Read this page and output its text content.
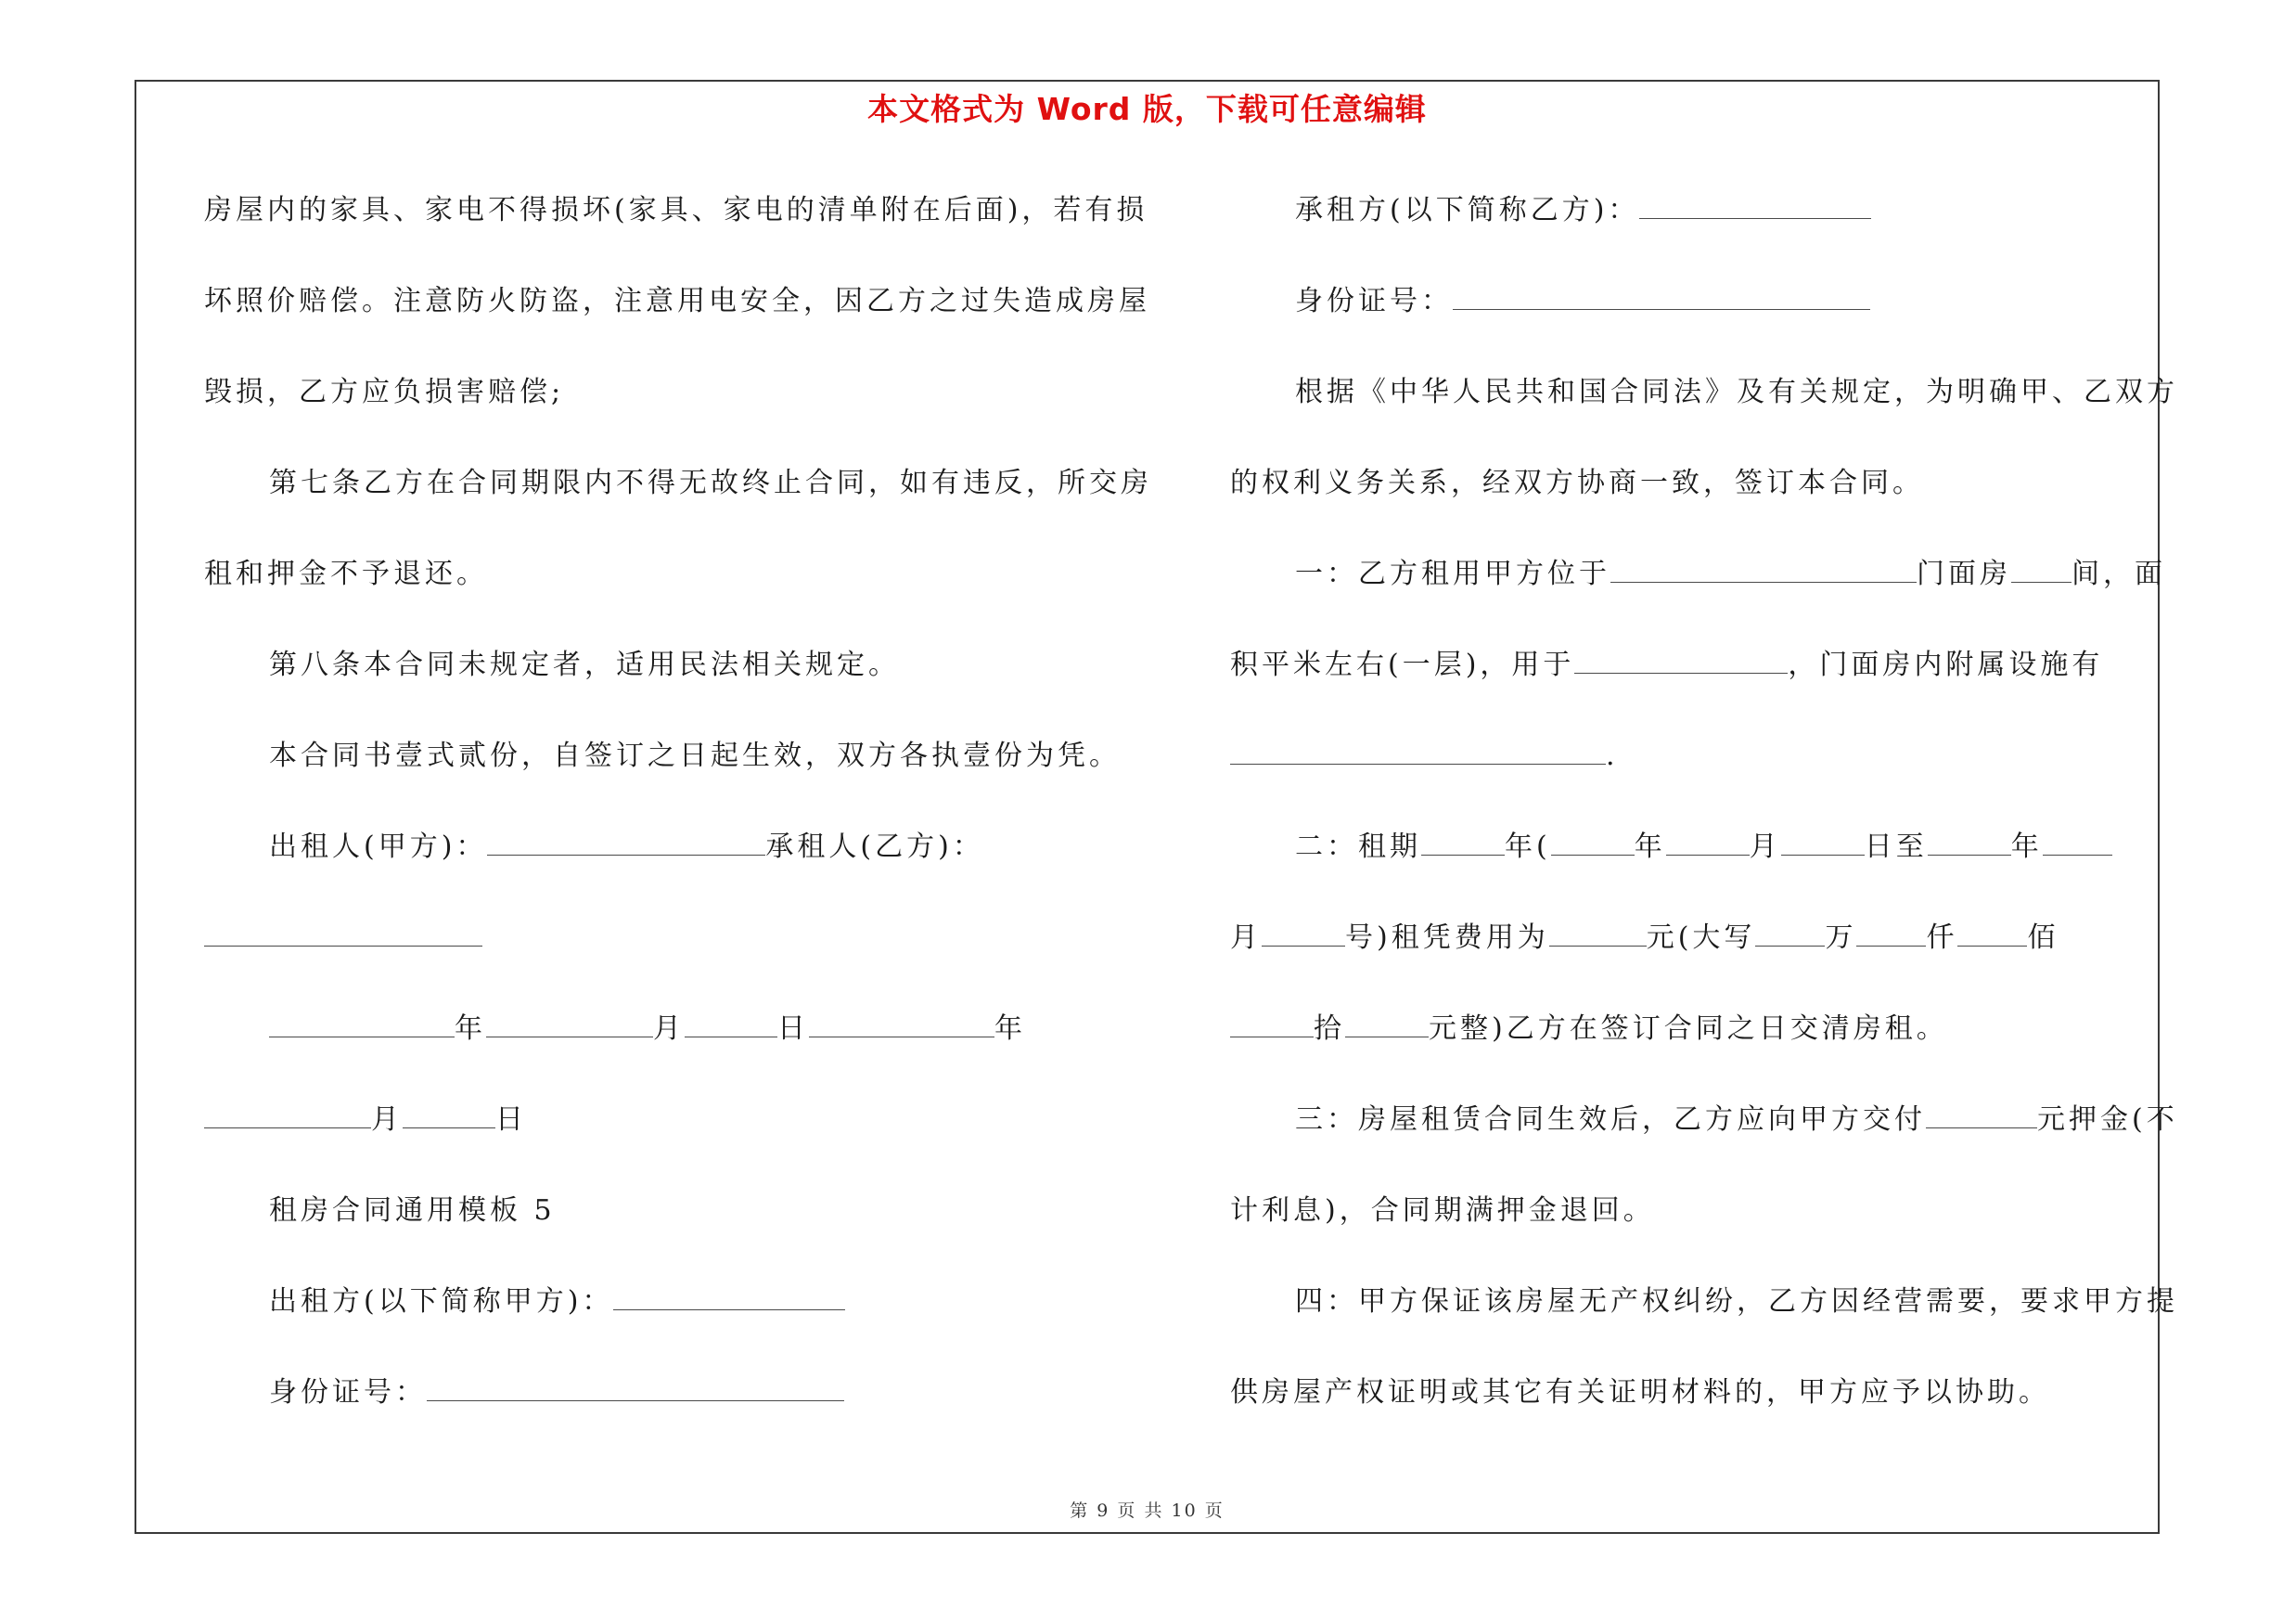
本文格式为 Word 版，下载可任意编辑
房屋内的家具、家电不得损坏(家具、家电的清单附在后面)，若有损
坏照价赔偿。注意防火防盗，注意用电安全，因乙方之过失造成房屋
毁损，乙方应负损害赔偿;
第七条乙方在合同期限内不得无故终止合同，如有违反，所交房
租和押金不予退还。
第八条本合同未规定者，适用民法相关规定。
本合同书壹式贰份，自签订之日起生效，双方各执壹份为凭。
出租人(甲方)：	承租人(乙方)：
年	月	日	年
月	日
租房合同通用模板 5
出租方(以下简称甲方)：
身份证号：
承租方(以下简称乙方)：
身份证号：
根据《中华人民共和国合同法》及有关规定，为明确甲、乙双方
的权利义务关系，经双方协商一致，签订本合同。
一：乙方租用甲方位于	门面房 间，面
积平米左右(一层)，用于	，门面房内附属设施有
.
二：租期	年(	年	月	日至	年
月	号)租凭费用为	元(大写	万	仟	佰
拾	元整)乙方在签订合同之日交清房租。
三：房屋租赁合同生效后，乙方应向甲方交付	元押金(不
计利息)，合同期满押金退回。
四：甲方保证该房屋无产权纠纷，乙方因经营需要，要求甲方提
供房屋产权证明或其它有关证明材料的，甲方应予以协助。
第 9 页 共 10 页
